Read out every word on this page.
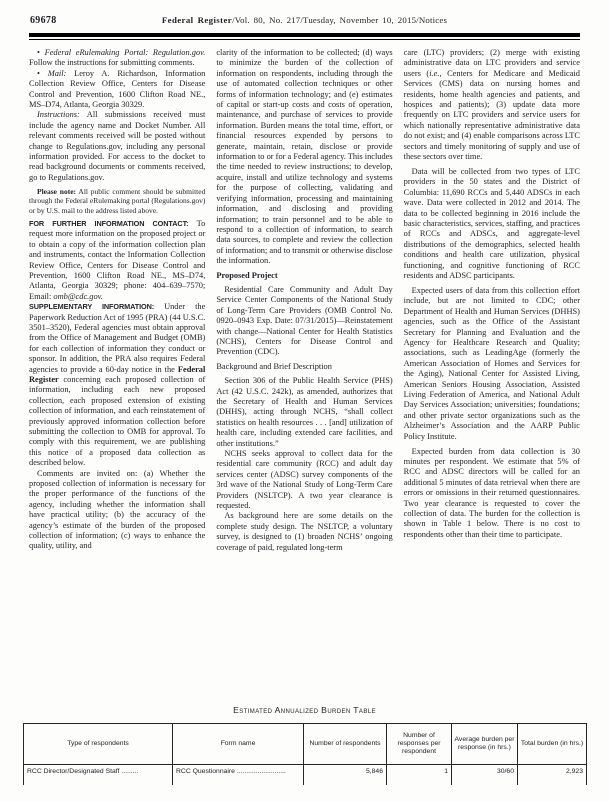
69678	Federal Register/Vol. 80, No. 217/Tuesday, November 10, 2015/Notices

• Federal eRulemaking Portal: Regulation.gov. Follow the instructions for submitting comments.

• Mail: Leroy A. Richardson, Information Collection Review Office, Centers for Disease Control and Prevention, 1600 Clifton Road NE., MS–D74, Atlanta, Georgia 30329.

Instructions: All submissions received must include the agency name and Docket Number. All relevant comments received will be posted without change to Regulations.gov, including any personal information provided. For access to the docket to read background documents or comments received, go to Regulations.gov.

Please note: All public comment should be submitted through the Federal eRulemaking portal (Regulations.gov) or by U.S. mail to the address listed above.

FOR FURTHER INFORMATION CONTACT: To request more information on the proposed project or to obtain a copy of the information collection plan and instruments, contact the Information Collection Review Office, Centers for Disease Control and Prevention, 1600 Clifton Road NE., MS–D74, Atlanta, Georgia 30329; phone: 404–639–7570; Email: omb@cdc.gov.

SUPPLEMENTARY INFORMATION: Under the Paperwork Reduction Act of 1995 (PRA) (44 U.S.C. 3501–3520), Federal agencies must obtain approval from the Office of Management and Budget (OMB) for each collection of information they conduct or sponsor. In addition, the PRA also requires Federal agencies to provide a 60-day notice in the Federal Register concerning each proposed collection of information, including each new proposed collection, each proposed extension of existing collection of information, and each reinstatement of previously approved information collection before submitting the collection to OMB for approval. To comply with this requirement, we are publishing this notice of a proposed data collection as described below.

Comments are invited on: (a) Whether the proposed collection of information is necessary for the proper performance of the functions of the agency, including whether the information shall have practical utility; (b) the accuracy of the agency’s estimate of the burden of the proposed collection of information; (c) ways to enhance the quality, utility, and

clarity of the information to be collected; (d) ways to minimize the burden of the collection of information on respondents, including through the use of automated collection techniques or other forms of information technology; and (e) estimates of capital or start-up costs and costs of operation, maintenance, and purchase of services to provide information. Burden means the total time, effort, or financial resources expended by persons to generate, maintain, retain, disclose or provide information to or for a Federal agency. This includes the time needed to review instructions; to develop, acquire, install and utilize technology and systems for the purpose of collecting, validating and verifying information, processing and maintaining information, and disclosing and providing information; to train personnel and to be able to respond to a collection of information, to search data sources, to complete and review the collection of information; and to transmit or otherwise disclose the information.

Proposed Project

Residential Care Community and Adult Day Service Center Components of the National Study of Long-Term Care Providers (OMB Control No. 0920–0943 Exp. Date: 07/31/2015)—Reinstatement with change—National Center for Health Statistics (NCHS), Centers for Disease Control and Prevention (CDC).

Background and Brief Description

Section 306 of the Public Health Service (PHS) Act (42 U.S.C. 242k), as amended, authorizes that the Secretary of Health and Human Services (DHHS), acting through NCHS, “shall collect statistics on health resources . . . [and] utilization of health care, including extended care facilities, and other institutions.”

NCHS seeks approval to collect data for the residential care community (RCC) and adult day services center (ADSC) survey components of the 3rd wave of the National Study of Long-Term Care Providers (NSLTCP). A two year clearance is requested.

As background here are some details on the complete study design. The NSLTCP, a voluntary survey, is designed to (1) broaden NCHS’ ongoing coverage of paid, regulated long-term

care (LTC) providers; (2) merge with existing administrative data on LTC providers and service users (i.e., Centers for Medicare and Medicaid Services (CMS) data on nursing homes and residents, home health agencies and patients, and hospices and patients); (3) update data more frequently on LTC providers and service users for which nationally representative administrative data do not exist; and (4) enable comparisons across LTC sectors and timely monitoring of supply and use of these sectors over time.

Data will be collected from two types of LTC providers in the 50 states and the District of Columbia: 11,690 RCCs and 5,440 ADSCs in each wave. Data were collected in 2012 and 2014. The data to be collected beginning in 2016 include the basic characteristics, services, staffing, and practices of RCCs and ADSCs, and aggregate-level distributions of the demographics, selected health conditions and health care utilization, physical functioning, and cognitive functioning of RCC residents and ADSC participants.

Expected users of data from this collection effort include, but are not limited to CDC; other Department of Health and Human Services (DHHS) agencies, such as the Office of the Assistant Secretary for Planning and Evaluation and the Agency for Healthcare Research and Quality; associations, such as LeadingAge (formerly the American Association of Homes and Services for the Aging), National Center for Assisted Living, American Seniors Housing Association, Assisted Living Federation of America, and National Adult Day Services Association; universities; foundations; and other private sector organizations such as the Alzheimer’s Association and the AARP Public Policy Institute.

Expected burden from data collection is 30 minutes per respondent. We estimate that 5% of RCC and ADSC directors will be called for an additional 5 minutes of data retrieval when there are errors or omissions in their returned questionnaires. Two year clearance is requested to cover the collection of data. The burden for the collection is shown in Table 1 below. There is no cost to respondents other than their time to participate.

Estimated Annualized Burden Table
Type of respondents	Form name	Number of respondents	Number of responses per respondent	Average burden per response (in hrs.)	Total burden (in hrs.)
RCC Director/Designated Staff .........	RCC Questionnaire ..........................	5,846	1	30/60	2,923
